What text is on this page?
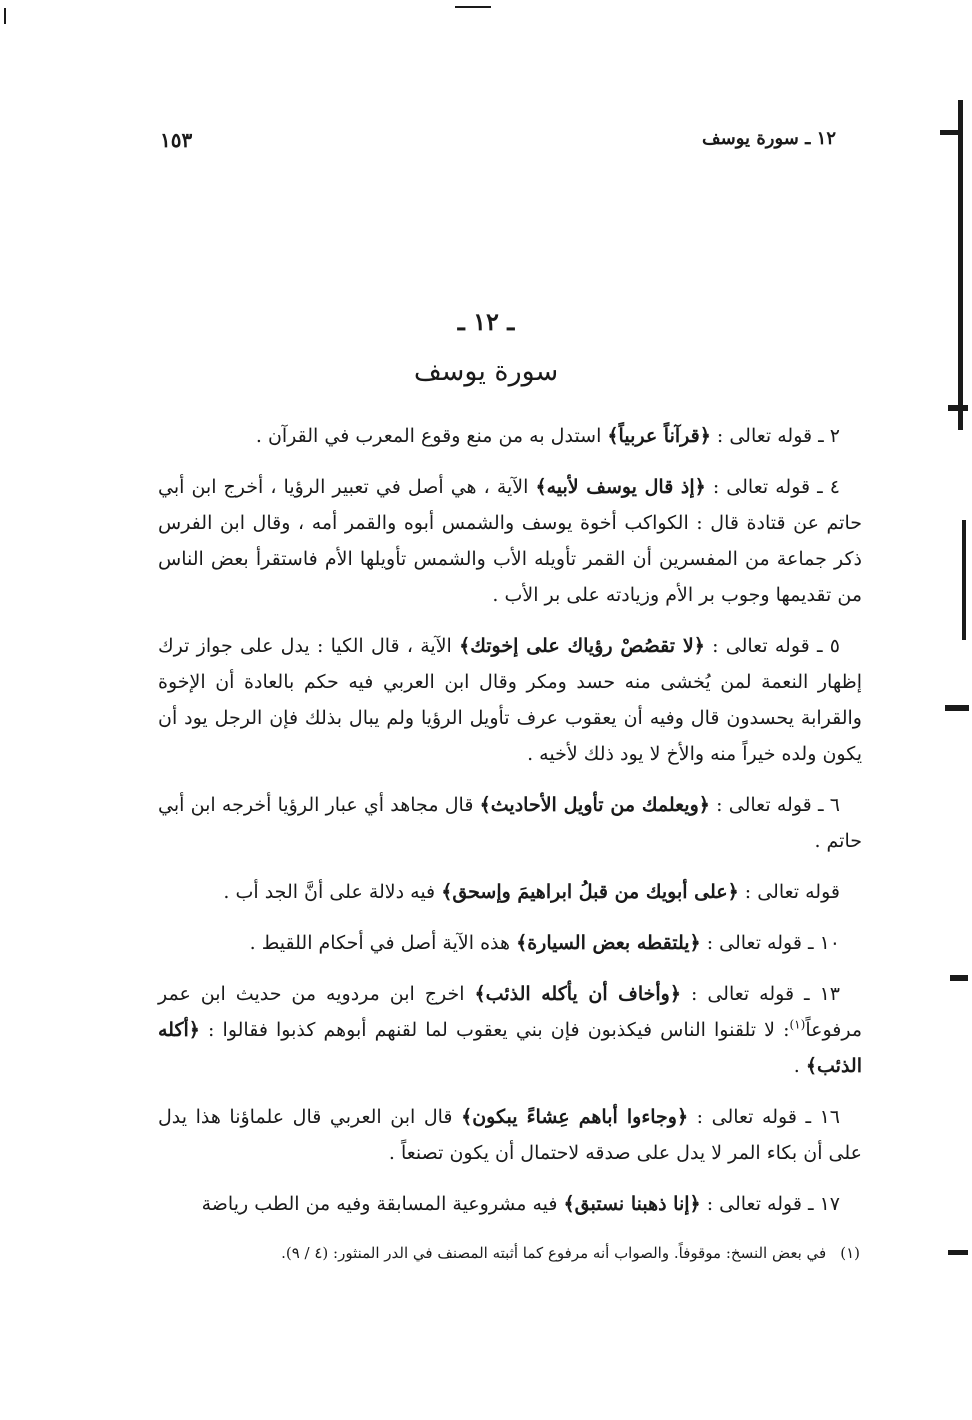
١٢ ـ سورة يوسف
١٥٣
ـ ١٢ ـ
سورة يوسف

٢ ـ قوله تعالى : ﴿قرآناً عربياً﴾ استدل به من منع وقوع المعرب في القرآن .

٤ ـ قوله تعالى : ﴿إذ قال يوسف لأبيه﴾ الآية ، هي أصل في تعبير الرؤيا ، أخرج ابن أبي حاتم عن قتادة قال : الكواكب أخوة يوسف والشمس أبوه والقمر أمه ، وقال ابن الفرس ذكر جماعة من المفسرين أن القمر تأويله الأب والشمس تأويلها الأم فاستقرأ بعض الناس من تقديمها وجوب بر الأم وزيادته على بر الأب .

٥ ـ قوله تعالى : ﴿لا تقصُصْ رؤياك على إخوتك﴾ الآية ، قال الكيا : يدل على جواز ترك إظهار النعمة لمن يُخشى منه حسد ومكر وقال ابن العربي فيه حكم بالعادة أن الإخوة والقرابة يحسدون قال وفيه أن يعقوب عرف تأويل الرؤيا ولم يبال بذلك فإن الرجل يود أن يكون ولده خيراً منه والأخ لا يود ذلك لأخيه .

٦ ـ قوله تعالى : ﴿ويعلمك من تأويل الأحاديث﴾ قال مجاهد أي عبار الرؤيا أخرجه ابن أبي حاتم .

قوله تعالى : ﴿على أبويك من قبلُ ابراهيمَ وإسحق﴾ فيه دلالة على أنَّ الجد أب .

١٠ ـ قوله تعالى : ﴿يلتقطه بعض السيارة﴾ هذه الآية أصل في أحكام اللقيط .

١٣ ـ قوله تعالى : ﴿وأخاف أن يأكله الذئب﴾ اخرج ابن مردويه من حديث ابن عمر مرفوعاً$^{(١)}$: لا تلقنوا الناس فيكذبون فإن بني يعقوب لما لقنهم أبوهم كذبوا فقالوا : ﴿أكله الذئب﴾ .

١٦ ـ قوله تعالى : ﴿وجاءوا أباهم عِشاءً يبكون﴾ قال ابن العربي قال علماؤنا هذا يدل على أن بكاء المر لا يدل على صدقه لاحتمال أن يكون تصنعاً .

١٧ ـ قوله تعالى : ﴿إنا ذهبنا نستبق﴾ فيه مشروعية المسابقة وفيه من الطب رياضة

(١)في بعض النسخ: موقوفاً. والصواب أنه مرفوع كما أثبته المصنف في الدر المنثور: (٤ / ٩).
